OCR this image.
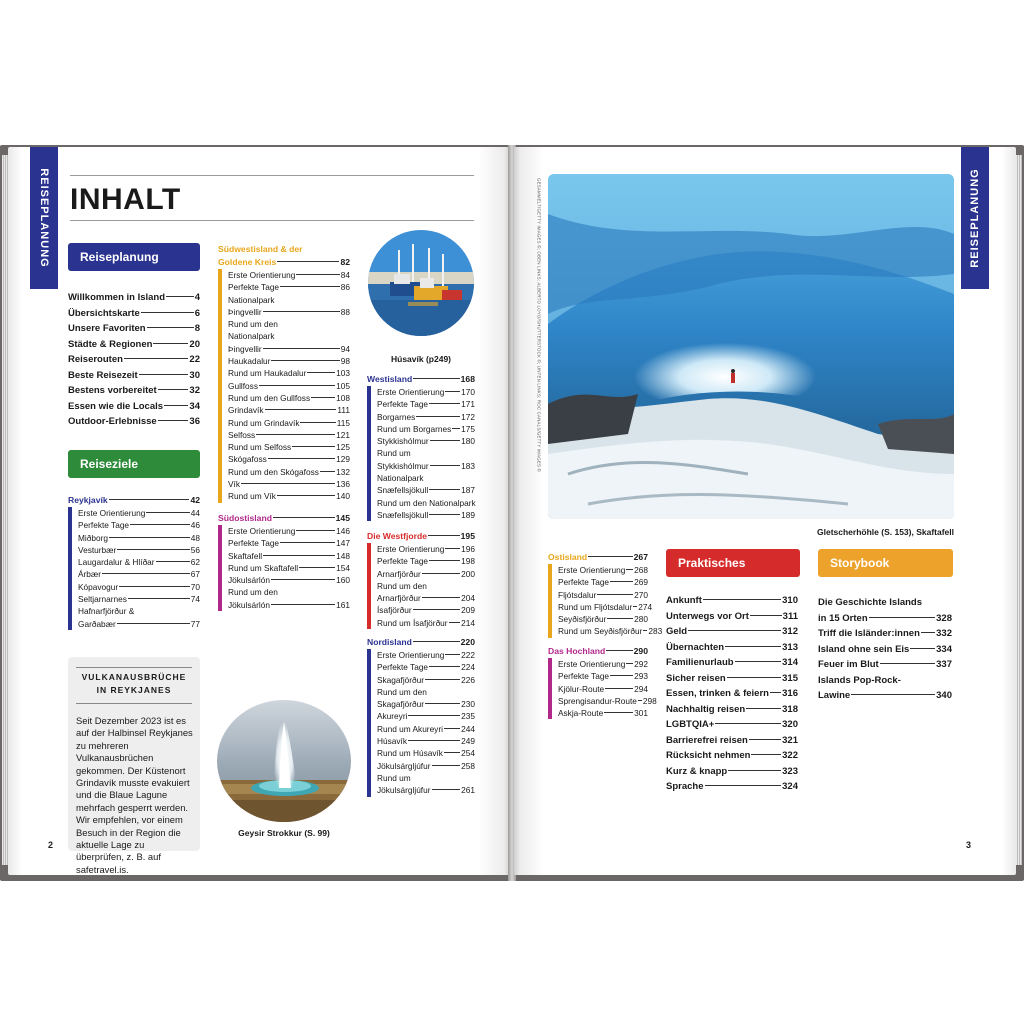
REISEPLANUNG INHALT
Reiseplanung
Willkommen in Island	4
Übersichtskarte	6
Unsere Favoriten	8
Städte & Regionen	20
Reiserouten	22
Beste Reisezeit	30
Bestens vorbereitet	32
Essen wie die Locals	34
Outdoor-Erlebnisse	36
Reiseziele
Reykjavík	42
Erste Orientierung	44
Perfekte Tage	46
Miðborg	48
Vesturbær	56
Laugardalur & Hlíðar	62
Árbær	67
Kópavogur	70
Seltjarnarnes	74
Hafnarfjörður &
Garðabær	77
VULKANAUSBRÜCHE IN REYKJANES

Seit Dezember 2023 ist es auf der Halbinsel Reykjanes zu mehreren Vulkanausbrüchen gekommen. Der Küstenort Grindavík musste evakuiert und die Blaue Lagune mehrfach gesperrt werden. Wir empfehlen, vor einem Besuch in der Region die aktuelle Lage zu überprüfen, z. B. auf safetravel.is.

2
Südwestisland & der
Goldene Kreis	82
Erste Orientierung	84
Perfekte Tage	86
Nationalpark
Þingvellir	88
Rund um den
Nationalpark
Þingvellir	94
Haukadalur	98
Rund um Haukadalur	103
Gullfoss	105
Rund um den Gullfoss	108
Grindavík	111
Rund um Grindavík	115
Selfoss	121
Rund um Selfoss	125
Skógafoss	129
Rund um den Skógafoss 132
Vík	136
Rund um Vík	140
Südostisland	145
Erste Orientierung	146
Perfekte Tage	147
Skaftafell	148
Rund um Skaftafell	154
Jökulsárlón	160
Rund um den
Jökulsárlón	161
Geysir Strokkur (S. 99)
Húsavík (p249)
Westisland	168
Erste Orientierung 170
Perfekte Tage	171
Borgarnes	172
Rund um Borgarnes 175
Stykkishólmur	180
Rund um
Stykkishólmur	183
Nationalpark
Snæfellsjökull	187
Rund um den Nationalpark
Snæfellsjökull	189
Die Westfjorde	195
Erste Orientierung 196
Perfekte Tage	198
Arnarfjörður	200
Rund um den
Arnarfjörður	204
Ísafjörður	209
Rund um Ísafjörður 214
Nordisland	220
Erste Orientierung 222
Perfekte Tage	224
Skagafjörður	226
Rund um den
Skagafjörður	230
Akureyri	235
Rund um Akureyri 244
Húsavík	249
Rund um Húsavík 254
Jökulsárgljúfur	258
Rund um
Jökulsárgljúfur	261
REISEPLANUNG
GESAMMELT/GETTY IMAGES ©; OBEN LINKS: ALBERTO LOYO/SHUTTERSTOCK ©; UNTEN LINKS: ROC CANALS/GETTY IMAGES ©
Gletscherhöhle (S. 153), Skaftafell
Ostisland	267
Erste Orientierung 268
Perfekte Tage	269
Fljótsdalur	270
Rund um Fljótsdalur 274
Seyðisfjörður	280
Rund um Seyðisfjörður 283
Das Hochland	290
Erste Orientierung 292
Perfekte Tage	293
Kjölur-Route	294
Sprengisandur-Route 298
Askja-Route	301
Praktisches
Ankunft	310
Unterwegs vor Ort	311
Geld	312
Übernachten	313
Familienurlaub	314
Sicher reisen	315
Essen, trinken & feiern 316
Nachhaltig reisen	318
LGBTQIA+	320
Barrierefrei reisen	321
Rücksicht nehmen	322
Kurz & knapp	323
Sprache	324
Storybook
Die Geschichte Islands
in 15 Orten	328
Triff die Isländer:innen 332
Island ohne sein Eis	334
Feuer im Blut	337
Islands Pop-Rock-
Lawine	340
3
